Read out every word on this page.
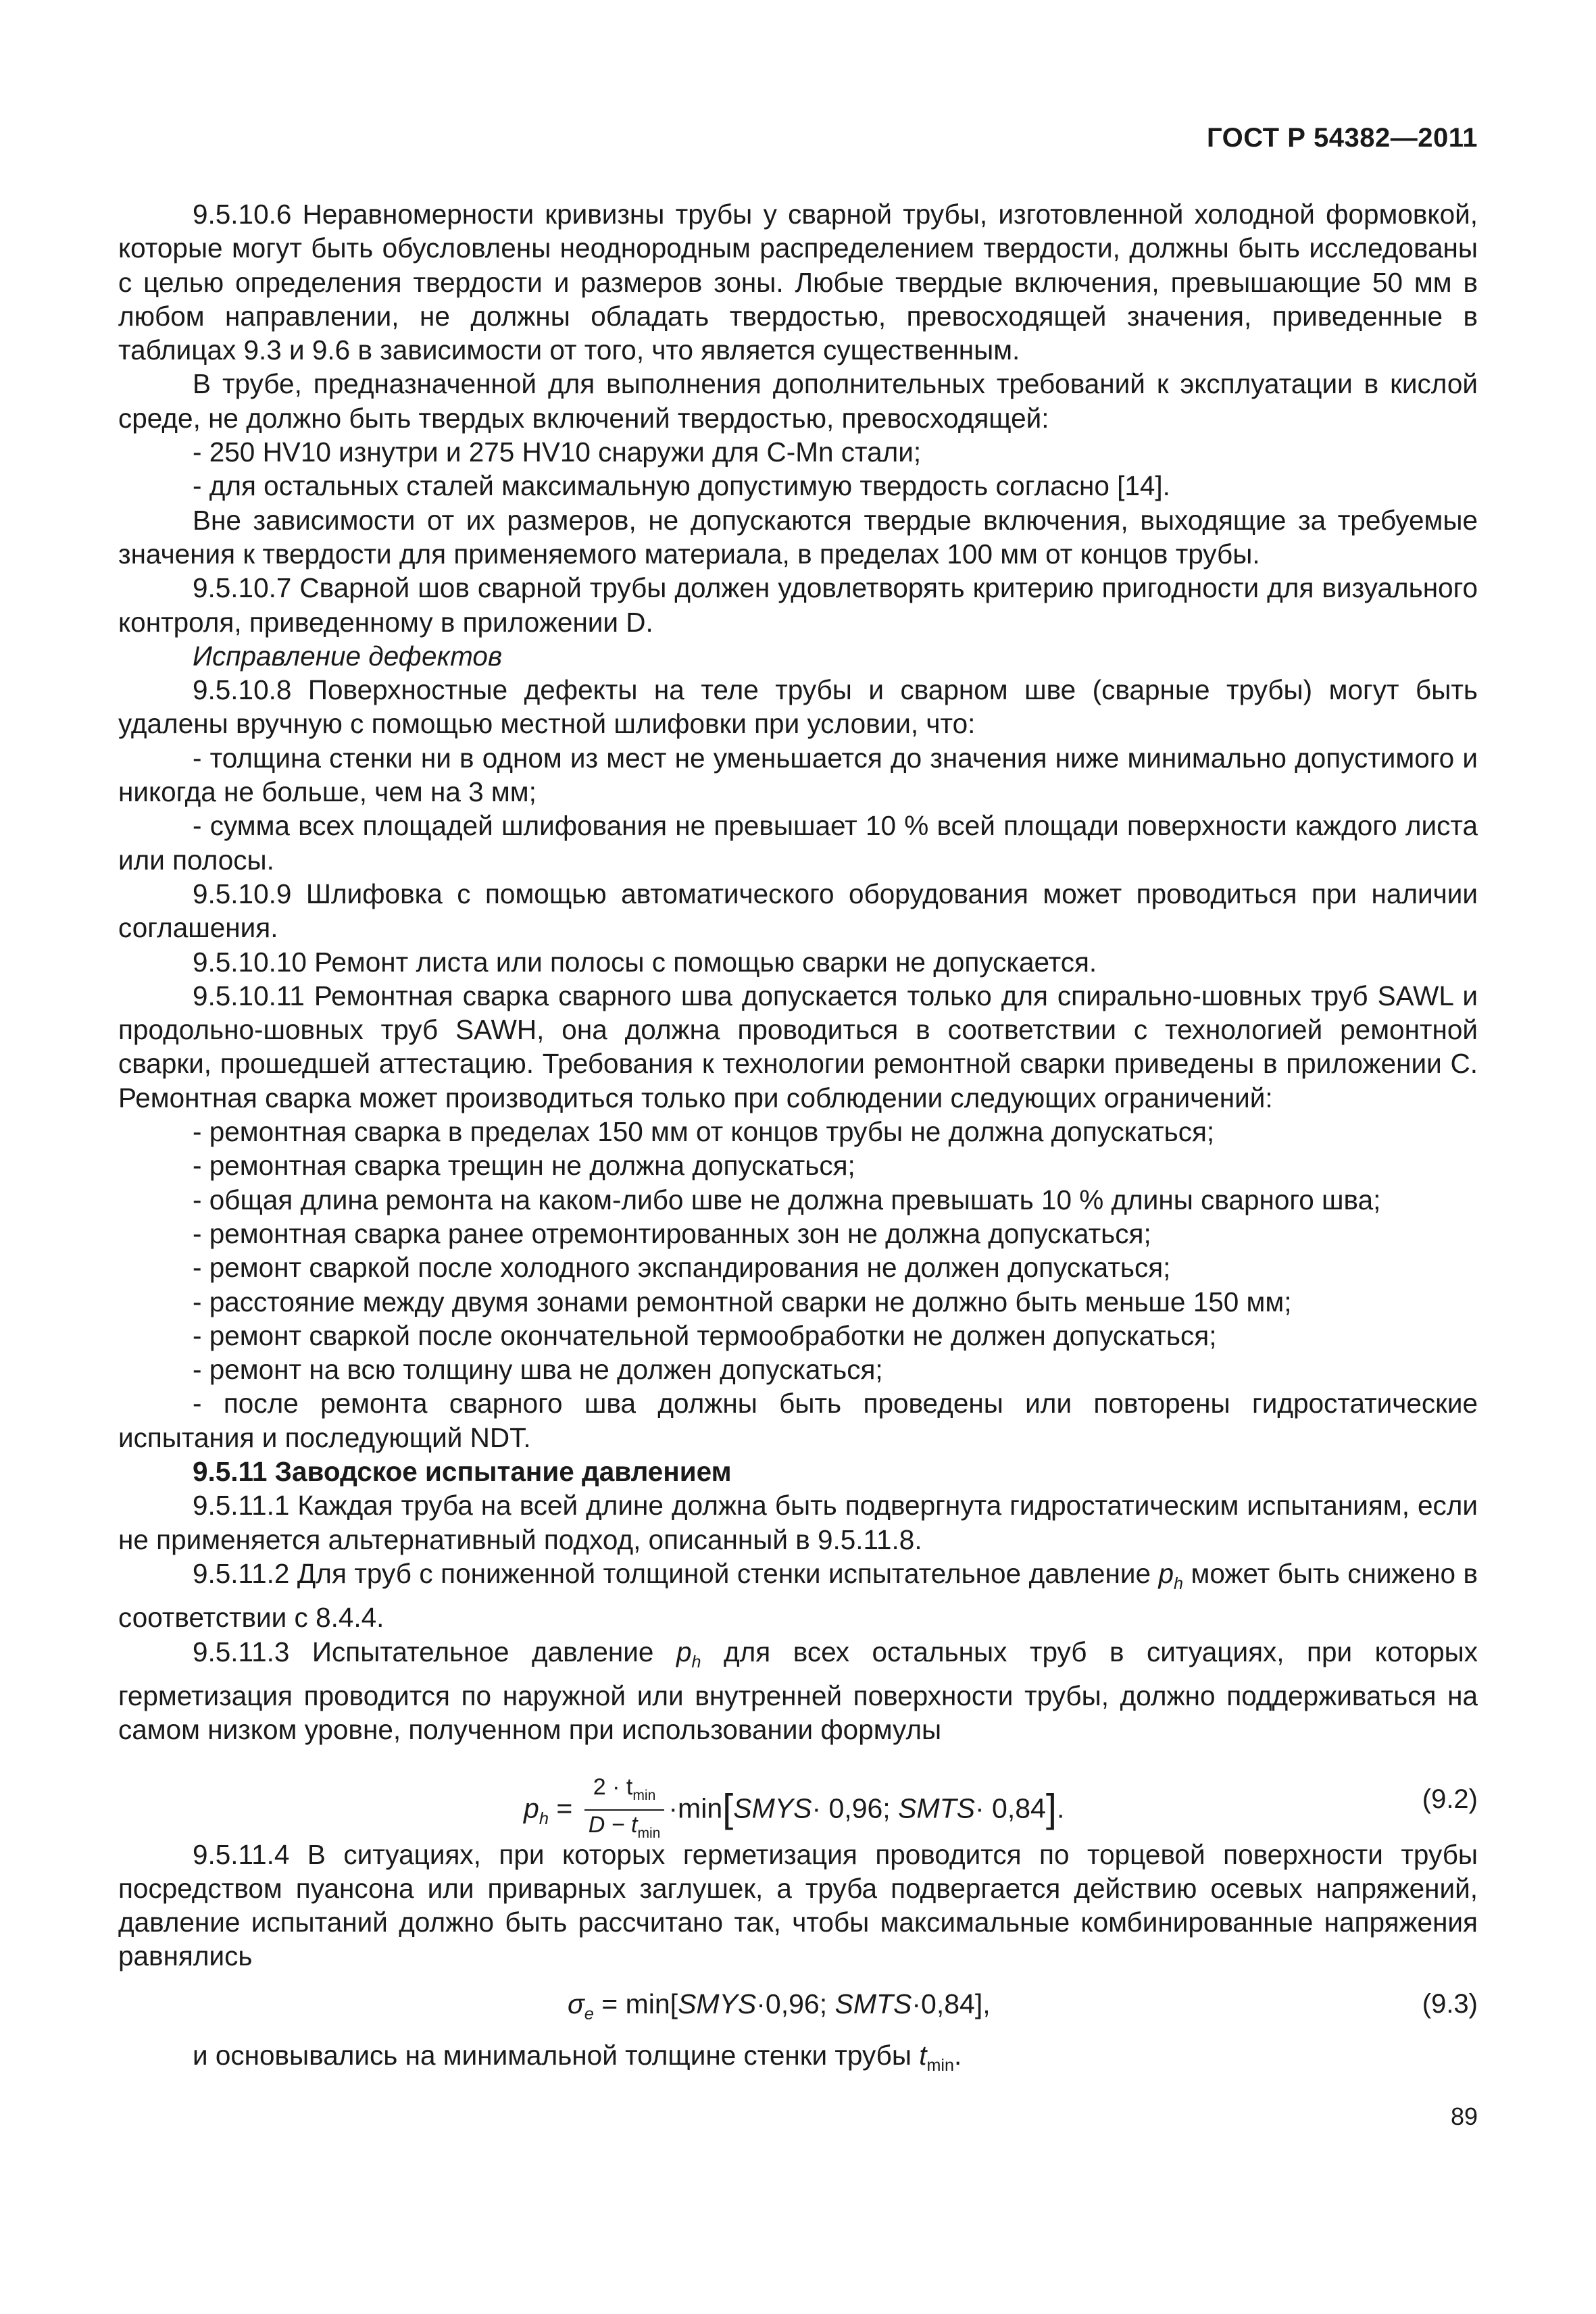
ГОСТ Р 54382—2011

9.5.10.6 Неравномерности кривизны трубы у сварной трубы, изготовленной холодной формовкой, которые могут быть обусловлены неоднородным распределением твердости, должны быть исследованы с целью определения твердости и размеров зоны. Любые твердые включения, превышающие 50 мм в любом направлении, не должны обладать твердостью, превосходящей значения, приведенные в таблицах 9.3 и 9.6 в зависимости от того, что является существенным.

В трубе, предназначенной для выполнения дополнительных требований к эксплуатации в кислой среде, не должно быть твердых включений твердостью, превосходящей:

- 250 HV10 изнутри и 275 HV10 снаружи для C-Mn стали;

- для остальных сталей максимальную допустимую твердость согласно [14].

Вне зависимости от их размеров, не допускаются твердые включения, выходящие за требуемые значения к твердости для применяемого материала, в пределах 100 мм от концов трубы.

9.5.10.7 Сварной шов сварной трубы должен удовлетворять критерию пригодности для визуального контроля, приведенному в приложении D.

Исправление дефектов

9.5.10.8 Поверхностные дефекты на теле трубы и сварном шве (сварные трубы) могут быть удалены вручную с помощью местной шлифовки при условии, что:

- толщина стенки ни в одном из мест не уменьшается до значения ниже минимально допустимого и никогда не больше, чем на 3 мм;

- сумма всех площадей шлифования не превышает 10 % всей площади поверхности каждого листа или полосы.

9.5.10.9 Шлифовка с помощью автоматического оборудования может проводиться при наличии соглашения.

9.5.10.10 Ремонт листа или полосы с помощью сварки не допускается.

9.5.10.11 Ремонтная сварка сварного шва допускается только для спирально-шовных труб SAWL и продольно-шовных труб SAWH, она должна проводиться в соответствии с технологией ремонтной сварки, прошедшей аттестацию. Требования к технологии ремонтной сварки приведены в приложении С. Ремонтная сварка может производиться только при соблюдении следующих ограничений:

- ремонтная сварка в пределах 150 мм от концов трубы не должна допускаться;

- ремонтная сварка трещин не должна допускаться;

- общая длина ремонта на каком-либо шве не должна превышать 10 % длины сварного шва;

- ремонтная сварка ранее отремонтированных зон не должна допускаться;

- ремонт сваркой после холодного экспандирования не должен допускаться;

- расстояние между двумя зонами ремонтной сварки не должно быть меньше 150 мм;

- ремонт сваркой после окончательной термообработки не должен допускаться;

- ремонт на всю толщину шва не должен допускаться;

- после ремонта сварного шва должны быть проведены или повторены гидростатические испытания и последующий NDT.

9.5.11 Заводское испытание давлением

9.5.11.1 Каждая труба на всей длине должна быть подвергнута гидростатическим испытаниям, если не применяется альтернативный подход, описанный в 9.5.11.8.

9.5.11.2 Для труб с пониженной толщиной стенки испытательное давление $p_h$ может быть снижено в соответствии с 8.4.4.

9.5.11.3 Испытательное давление $p_h$ для всех остальных труб в ситуациях, при которых герметизация проводится по наружной или внутренней поверхности трубы, должно поддерживаться на самом низком уровне, полученном при использовании формулы

$p_h = \frac{2 \cdot t_{min}}{D - t_{min}}$ ·min[SMYS· 0,96; SMTS· 0,84].	(9.2)

9.5.11.4 В ситуациях, при которых герметизация проводится по торцевой поверхности трубы посредством пуансона или приварных заглушек, а труба подвергается действию осевых напряжений, давление испытаний должно быть рассчитано так, чтобы максимальные комбинированные напряжения равнялись

$\sigma_e$ = min[SMYS·0,96; SMTS·0,84],	(9.3)

и основывались на минимальной толщине стенки трубы $t_{min}$.

89
